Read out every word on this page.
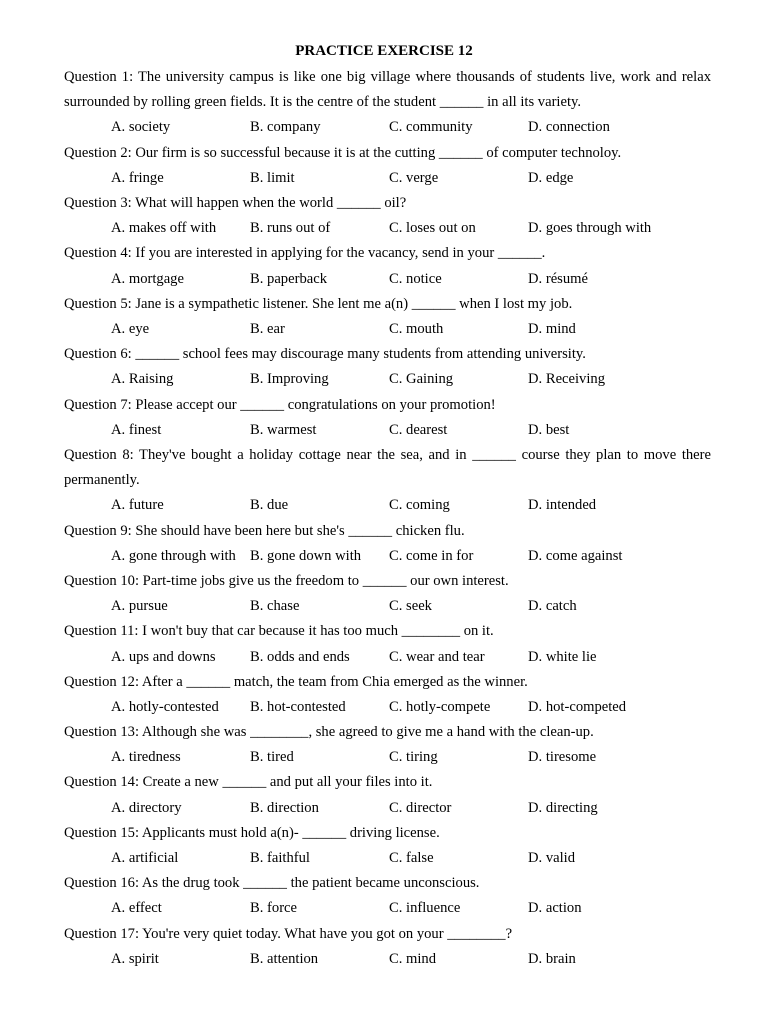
PRACTICE EXERCISE 12
Question 1: The university campus is like one big village where thousands of students live, work and relax surrounded by rolling green fields. It is the centre of the student ______ in all its variety.
A. society	B. company	C. community	D. connection
Question 2: Our firm is so successful because it is at the cutting ______ of computer technoloy.
A. fringe	B. limit	C. verge	D. edge
Question 3: What will happen when the world ______ oil?
A. makes off with B. runs out of	C. loses out on	D. goes through with
Question 4: If you are interested in applying for the vacancy, send in your ______.
A. mortgage	B. paperback	C. notice	D. résumé
Question 5: Jane is a sympathetic listener. She lent me a(n) ______ when I lost my job.
A. eye	B. ear	C. mouth	D. mind
Question 6: ______ school fees may discourage many students from attending university.
A. Raising	B. Improving	C. Gaining	D. Receiving
Question 7: Please accept our ______ congratulations on your promotion!
A. finest	B. warmest	C. dearest	D. best
Question 8: They've bought a holiday cottage near the sea, and in ______ course they plan to move there permanently.
A. future	B. due	C. coming	D. intended
Question 9: She should have been here but she's ______ chicken flu.
A. gone through with B. gone down with C. come in for	D. come against
Question 10: Part-time jobs give us the freedom to ______ our own interest.
A. pursue	B. chase	C. seek	D. catch
Question 11: I won't buy that car because it has too much ________ on it.
A. ups and downs B. odds and ends	C. wear and tear	D. white lie
Question 12: After a ______ match, the team from Chia emerged as the winner.
A. hotly-contested B. hot-contested	C. hotly-compete	D. hot-competed
Question 13: Although she was ________, she agreed to give me a hand with the clean-up.
A. tiredness	B. tired	C. tiring	D. tiresome
Question 14: Create a new ______ and put all your files into it.
A. directory	B. direction	C. director	D. directing
Question 15: Applicants must hold a(n)- ______ driving license.
A. artificial	B. faithful	C. false	D. valid
Question 16: As the drug took ______ the patient became unconscious.
A. effect	B. force	C. influence	D. action
Question 17: You're very quiet today. What have you got on your ________?
A. spirit	B. attention	C. mind	D. brain
